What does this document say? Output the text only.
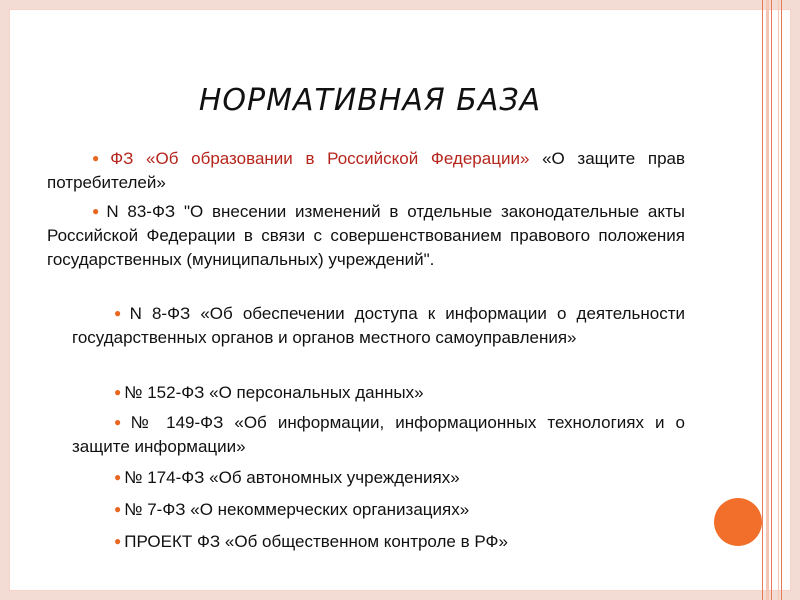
НОРМАТИВНАЯ БАЗА
● ФЗ «Об образовании в Российской Федерации» «О защите прав потребителей»
● N 83-ФЗ "О внесении изменений в отдельные законодательные акты Российской Федерации в связи с совершенствованием правового положения государственных (муниципальных) учреждений".
● N 8-ФЗ «Об обеспечении доступа к информации о деятельности государственных органов и органов местного самоуправления»
● № 152-ФЗ «О персональных данных»
● № 149-ФЗ «Об информации, информационных технологиях и о защите информации»
● № 174-ФЗ «Об автономных учреждениях»
● № 7-ФЗ «О некоммерческих организациях»
● ПРОЕКТ ФЗ «Об общественном контроле в РФ»
